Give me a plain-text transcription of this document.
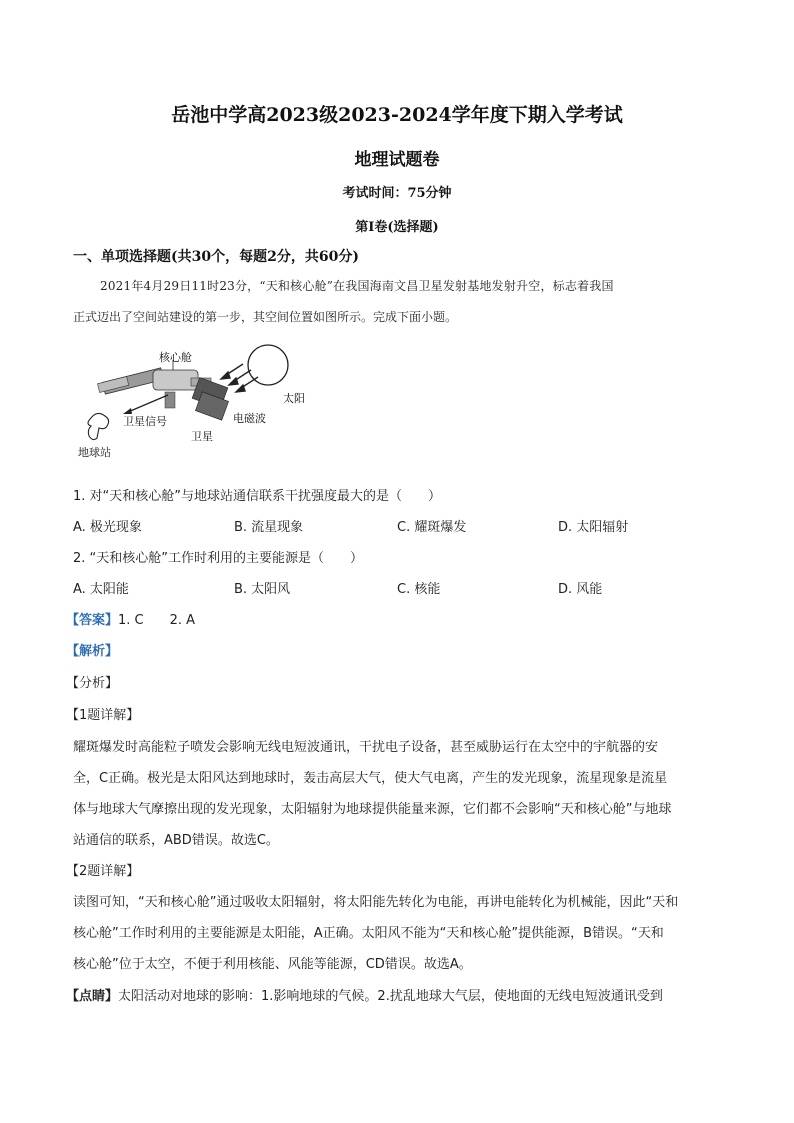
岳池中学高2023级2023-2024学年度下期入学考试
地理试题卷
考试时间：75分钟
第Ⅰ卷(选择题)
一、单项选择题(共30个，每题2分，共60分)
2021年4月29日11时23分，“天和核心舱”在我国海南文昌卫星发射基地发射升空，标志着我国
正式迈出了空间站建设的第一步，其空间位置如图所示。完成下面小题。
太阳
电磁波
核心舱
卫星信号
卫星
地球站
1. 对“天和核心舱”与地球站通信联系干扰强度最大的是（　　）
A. 极光现象	B. 流星现象	C. 耀斑爆发	D. 太阳辐射
2. “天和核心舱”工作时利用的主要能源是（　　）
A. 太阳能	B. 太阳风	C. 核能	D. 风能
【答案】1. C　　2. A
【解析】
【分析】
【1题详解】
耀斑爆发时高能粒子喷发会影响无线电短波通讯，干扰电子设备，甚至威胁运行在太空中的宇航器的安
全，C正确。极光是太阳风达到地球时，轰击高层大气，使大气电离，产生的发光现象，流星现象是流星
体与地球大气摩擦出现的发光现象，太阳辐射为地球提供能量来源，它们都不会影响“天和核心舱”与地球
站通信的联系，ABD错误。故选C。
【2题详解】
读图可知，“天和核心舱”通过吸收太阳辐射，将太阳能先转化为电能，再讲电能转化为机械能，因此“天和
核心舱”工作时利用的主要能源是太阳能，A正确。太阳风不能为“天和核心舱”提供能源，B错误。“天和
核心舱”位于太空，不便于利用核能、风能等能源，CD错误。故选A。
【点睛】太阳活动对地球的影响：1.影响地球的气候。2.扰乱地球大气层，使地面的无线电短波通讯受到
